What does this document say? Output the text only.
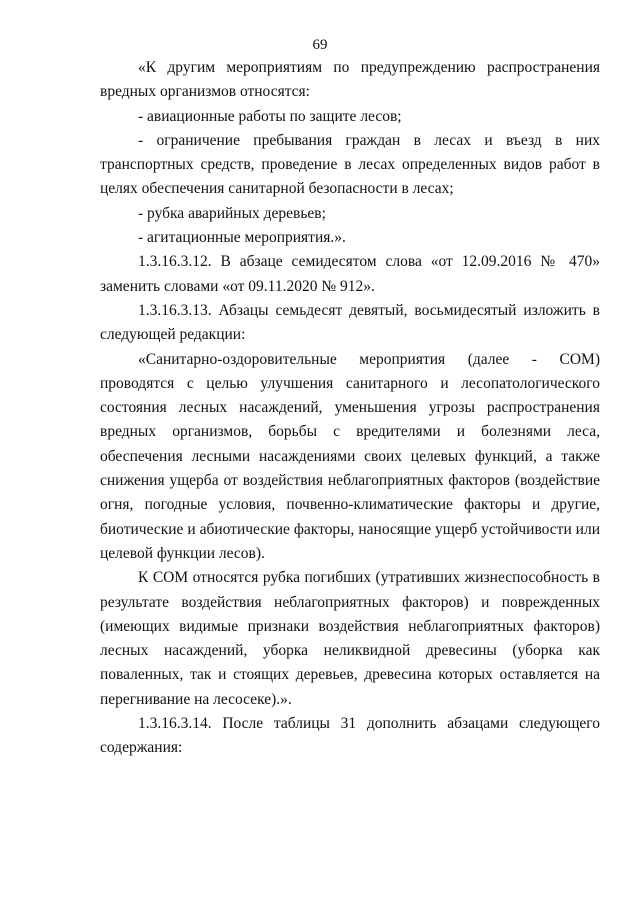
69

«К другим мероприятиям по предупреждению распространения вредных организмов относятся:

- авиационные работы по защите лесов;

- ограничение пребывания граждан в лесах и въезд в них транспортных средств, проведение в лесах определенных видов работ в целях обеспечения санитарной безопасности в лесах;

- рубка аварийных деревьев;

- агитационные мероприятия.».

1.3.16.3.12. В абзаце семидесятом слова «от 12.09.2016 № 470» заменить словами «от 09.11.2020 № 912».

1.3.16.3.13. Абзацы семьдесят девятый, восьмидесятый изложить в следующей редакции:

«Санитарно-оздоровительные мероприятия (далее - СОМ) проводятся с целью улучшения санитарного и лесопатологического состояния лесных насаждений, уменьшения угрозы распространения вредных организмов, борьбы с вредителями и болезнями леса, обеспечения лесными насаждениями своих целевых функций, а также снижения ущерба от воздействия неблагоприятных факторов (воздействие огня, погодные условия, почвенно-климатические факторы и другие, биотические и абиотические факторы, наносящие ущерб устойчивости или целевой функции лесов).

К СОМ относятся рубка погибших (утративших жизнеспособность в результате воздействия неблагоприятных факторов) и поврежденных (имеющих видимые признаки воздействия неблагоприятных факторов) лесных насаждений, уборка неликвидной древесины (уборка как поваленных, так и стоящих деревьев, древесина которых оставляется на перегнивание на лесосеке).».

1.3.16.3.14. После таблицы 31 дополнить абзацами следующего содержания:
